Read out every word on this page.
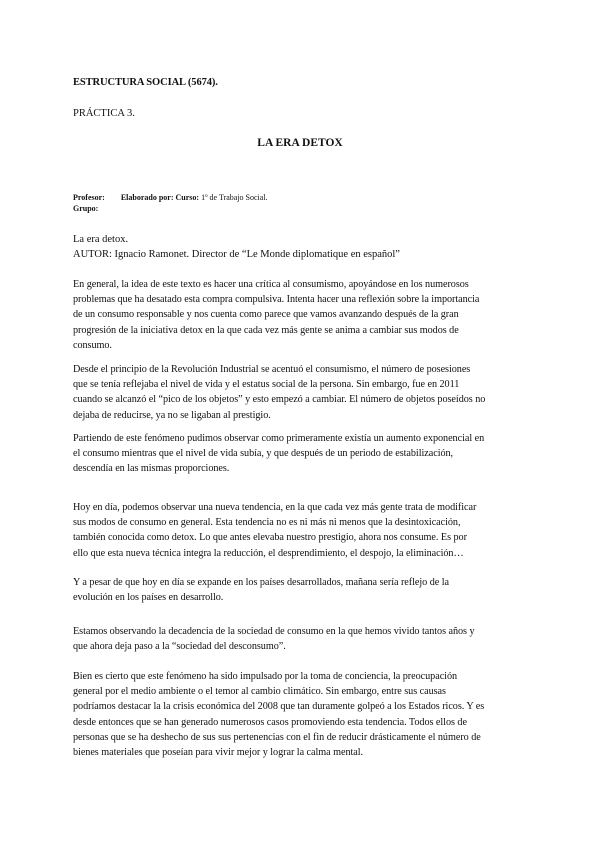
ESTRUCTURA SOCIAL (5674).
PRÁCTICA 3.
LA ERA DETOX
Profesor: Elaborado por: Curso: 1º de Trabajo Social.
Grupo:
La era detox.
AUTOR: Ignacio Ramonet. Director de “Le Monde diplomatique en español”
En general, la idea de este texto es hacer una crítica al consumismo, apoyándose en los numerosos
problemas que ha desatado esta compra compulsiva. Intenta hacer una reflexión sobre la importancia
de un consumo responsable y nos cuenta como parece que vamos avanzando después de la gran
progresión de la iniciativa detox en la que cada vez más gente se anima a cambiar sus modos de
consumo.
Desde el principio de la Revolución Industrial se acentuó el consumismo, el número de posesiones
que se tenía reflejaba el nivel de vida y el estatus social de la persona. Sin embargo, fue en 2011
cuando se alcanzó el “pico de los objetos” y esto empezó a cambiar. El número de objetos poseídos no
dejaba de reducirse, ya no se ligaban al prestigio.
Partiendo de este fenómeno pudimos observar como primeramente existía un aumento exponencial en
el consumo mientras que el nivel de vida subía, y que después de un periodo de estabilización,
descendía en las mismas proporciones.
Hoy en día, podemos observar una nueva tendencia, en la que cada vez más gente trata de modificar
sus modos de consumo en general. Esta tendencia no es ni más ni menos que la desintoxicación,
también conocida como detox. Lo que antes elevaba nuestro prestigio, ahora nos consume. Es por
ello que esta nueva técnica integra la reducción, el desprendimiento, el despojo, la eliminación…
Y a pesar de que hoy en día se expande en los países desarrollados, mañana sería reflejo de la
evolución en los países en desarrollo.
Estamos observando la decadencia de la sociedad de consumo en la que hemos vivido tantos años y
que ahora deja paso a la “sociedad del desconsumo”.
Bien es cierto que este fenómeno ha sido impulsado por la toma de conciencia, la preocupación
general por el medio ambiente o el temor al cambio climático. Sin embargo, entre sus causas
podríamos destacar la la crisis económica del 2008 que tan duramente golpeó a los Estados ricos. Y es
desde entonces que se han generado numerosos casos promoviendo esta tendencia. Todos ellos de
personas que se ha deshecho de sus sus pertenencias con el fin de reducir drásticamente el número de
bienes materiales que poseían para vivir mejor y lograr la calma mental.
